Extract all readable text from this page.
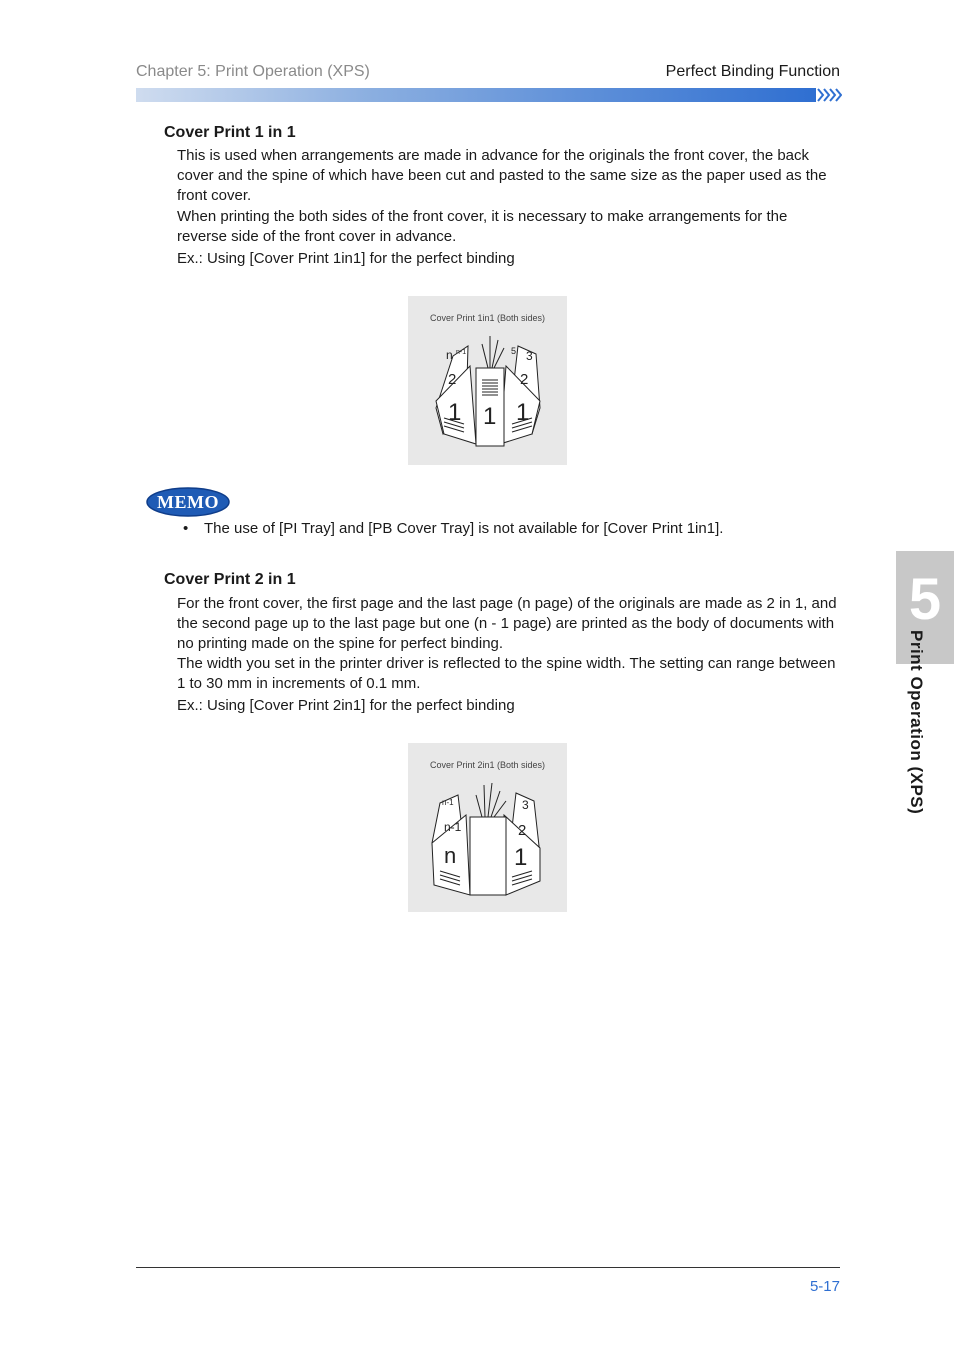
Chapter 5: Print Operation (XPS)	Perfect Binding Function
Cover Print 1 in 1

This is used when arrangements are made in advance for the originals the front cover, the back cover and the spine of which have been cut and pasted to the same size as the paper used as the front cover.

When printing the both sides of the front cover, it is necessary to make arrangements for the reverse side of the front cover in advance.

Ex.: Using [Cover Print 1in1] for the perfect binding

Cover Print 1in1 (Both sides)
n n-1	3
5
2	2
1 1 1
MEMO
• The use of [PI Tray] and [PB Cover Tray] is not available for [Cover Print 1in1].
Cover Print 2 in 1

For the front cover, the first page and the last page (n page) of the originals are made as 2 in 1, and the second page up to the last page but one (n - 1 page) are printed as the body of documents with no printing made on the spine for perfect binding.

The width you set in the printer driver is reflected to the spine width. The setting can range between 1 to 30 mm in increments of 0.1 mm.

Ex.: Using [Cover Print 2in1] for the perfect binding

Cover Print 2in1 (Both sides)
n-1	3
n-1	2
n 1
5
Print Operation (XPS)
5-17
